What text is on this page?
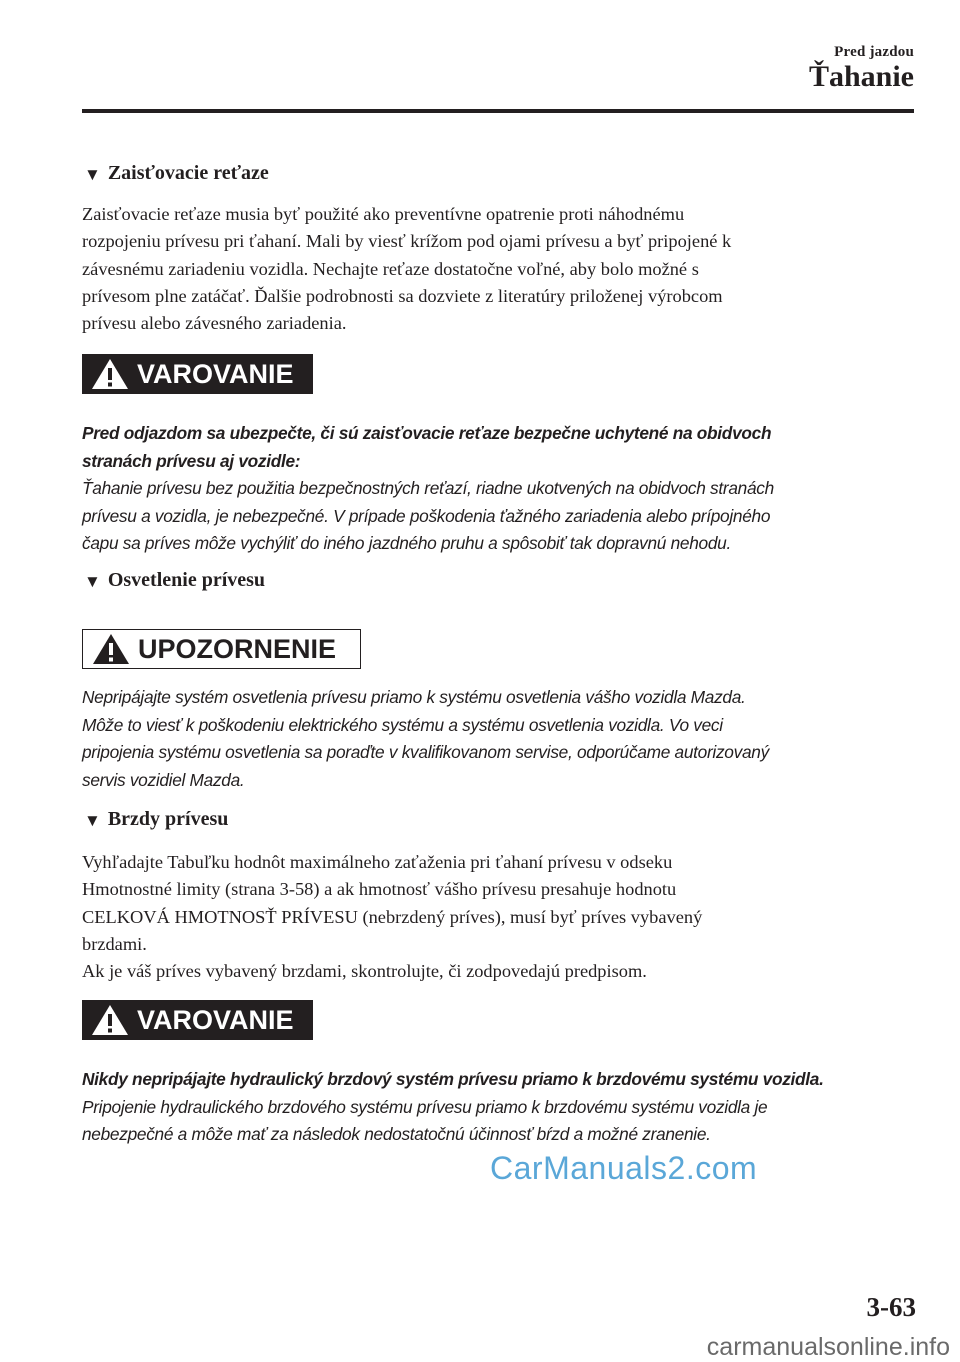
Pred jazdou
Ťahanie
▼ Zaisťovacie reťaze

Zaisťovacie reťaze musia byť použité ako preventívne opatrenie proti náhodnému

rozpojeniu prívesu pri ťahaní. Mali by viesť krížom pod ojami prívesu a byť pripojené k

závesnému zariadeniu vozidla. Nechajte reťaze dostatočne voľné, aby bolo možné s

prívesom plne zatáčať. Ďalšie podrobnosti sa dozviete z literatúry priloženej výrobcom

prívesu alebo závesného zariadenia.

VAROVANIE

Pred odjazdom sa ubezpečte, či sú zaisťovacie reťaze bezpečne uchytené na obidvoch

stranách prívesu aj vozidle:

Ťahanie prívesu bez použitia bezpečnostných reťazí, riadne ukotvených na obidvoch stranách

prívesu a vozidla, je nebezpečné. V prípade poškodenia ťažného zariadenia alebo prípojného

čapu sa príves môže vychýliť do iného jazdného pruhu a spôsobiť tak dopravnú nehodu.

▼ Osvetlenie prívesu
UPOZORNENIE

Nepripájajte systém osvetlenia prívesu priamo k systému osvetlenia vášho vozidla Mazda.

Môže to viesť k poškodeniu elektrického systému a systému osvetlenia vozidla. Vo veci

pripojenia systému osvetlenia sa poraďte v kvalifikovanom servise, odporúčame autorizovaný

servis vozidiel Mazda.

▼ Brzdy prívesu

Vyhľadajte Tabuľku hodnôt maximálneho zaťaženia pri ťahaní prívesu v odseku

Hmotnostné limity (strana 3-58) a ak hmotnosť vášho prívesu presahuje hodnotu

CELKOVÁ HMOTNOSŤ PRÍVESU (nebrzdený príves), musí byť príves vybavený

brzdami.

Ak je váš príves vybavený brzdami, skontrolujte, či zodpovedajú predpisom.

VAROVANIE

Nikdy nepripájajte hydraulický brzdový systém prívesu priamo k brzdovému systému vozidla.

Pripojenie hydraulického brzdového systému prívesu priamo k brzdovému systému vozidla je

nebezpečné a môže mať za následok nedostatočnú účinnosť bŕzd a možné zranenie.

CarManuals2.com
3-63
carmanualsonline.info
